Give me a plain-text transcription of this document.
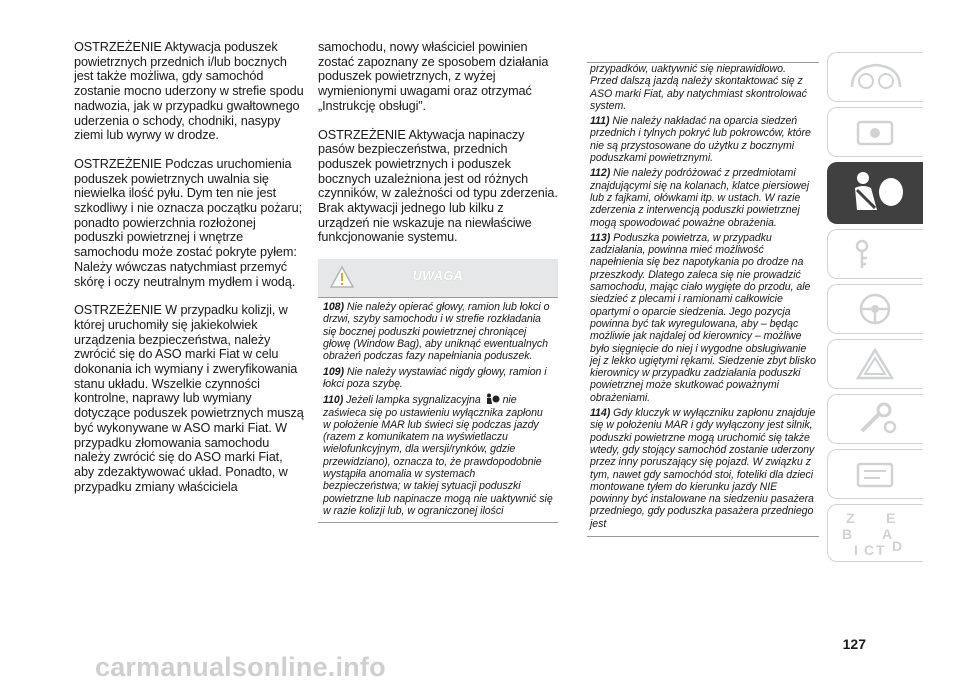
OSTRZEŻENIE Aktywacja poduszek powietrznych przednich i/lub bocznych jest także możliwa, gdy samochód zostanie mocno uderzony w strefie spodu nadwozia, jak w przypadku gwałtownego uderzenia o schody, chodniki, nasypy ziemi lub wyrwy w drodze.

OSTRZEŻENIE Podczas uruchomienia poduszek powietrznych uwalnia się niewielka ilość pyłu. Dym ten nie jest szkodliwy i nie oznacza początku pożaru; ponadto powierzchnia rozłożonej poduszki powietrznej i wnętrze samochodu może zostać pokryte pyłem: Należy wówczas natychmiast przemyć skórę i oczy neutralnym mydłem i wodą.

OSTRZEŻENIE W przypadku kolizji, w której uruchomiły się jakiekolwiek urządzenia bezpieczeństwa, należy zwrócić się do ASO marki Fiat w celu dokonania ich wymiany i zweryfikowania stanu układu. Wszelkie czynności kontrolne, naprawy lub wymiany dotyczące poduszek powietrznych muszą być wykonywane w ASO marki Fiat. W przypadku złomowania samochodu należy zwrócić się do ASO marki Fiat, aby zdezaktywować układ. Ponadto, w przypadku zmiany właściciela

samochodu, nowy właściciel powinien zostać zapoznany ze sposobem działania poduszek powietrznych, z wyżej wymienionymi uwagami oraz otrzymać „Instrukcję obsługi”.

OSTRZEŻENIE Aktywacja napinaczy pasów bezpieczeństwa, przednich poduszek powietrznych i poduszek bocznych uzależniona jest od różnych czynników, w zależności od typu zderzenia. Brak aktywacji jednego lub kilku z urządzeń nie wskazuje na niewłaściwe funkcjonowanie systemu.

UWAGA

108) Nie należy opierać głowy, ramion lub łokci o drzwi, szyby samochodu i w strefie rozkładania się bocznej poduszki powietrznej chroniącej głowę (Window Bag), aby uniknąć ewentualnych obrażeń podczas fazy napełniania poduszek.

109) Nie należy wystawiać nigdy głowy, ramion i łokci poza szybę.

110) Jeżeli lampka sygnalizacyjna nie zaświeca się po ustawieniu wyłącznika zapłonu w położenie MAR lub świeci się podczas jazdy (razem z komunikatem na wyświetlaczu wielofunkcyjnym, dla wersji/rynków, gdzie przewidziano), oznacza to, że prawdopodobnie wystąpiła anomalia w systemach bezpieczeństwa; w takiej sytuacji poduszki powietrzne lub napinacze mogą nie uaktywnić się w razie kolizji lub, w ograniczonej ilości

przypadków, uaktywnić się nieprawidłowo. Przed dalszą jazdą należy skontaktować się z ASO marki Fiat, aby natychmiast skontrolować system.

111) Nie należy nakładać na oparcia siedzeń przednich i tylnych pokryć lub pokrowców, które nie są przystosowane do użytku z bocznymi poduszkami powietrznymi.

112) Nie należy podróżować z przedmiotami znajdującymi się na kolanach, klatce piersiowej lub z fajkami, ołówkami itp. w ustach. W razie zderzenia z interwencją poduszki powietrznej mogą spowodować poważne obrażenia.

113) Poduszka powietrza, w przypadku zadziałania, powinna mieć możliwość napełnienia się bez napotykania po drodze na przeszkody. Dlatego zaleca się nie prowadzić samochodu, mając ciało wygięte do przodu, ale siedzieć z plecami i ramionami całkowicie opartymi o oparcie siedzenia. Jego pozycja powinna być tak wyregulowana, aby – będąc możliwie jak najdalej od kierownicy – możliwe było sięgnięcie do niej i wygodne obsługiwanie jej z lekko ugiętymi rękami. Siedzenie zbyt blisko kierownicy w przypadku zadziałania poduszki powietrznej może skutkować poważnymi obrażeniami.

114) Gdy kluczyk w wyłączniku zapłonu znajduje się w położeniu MAR i gdy wyłączony jest silnik, poduszki powietrzne mogą uruchomić się także wtedy, gdy stojący samochód zostanie uderzony przez inny poruszający się pojazd. W związku z tym, nawet gdy samochód stoi, foteliki dla dzieci montowane tyłem do kierunku jazdy NIE powinny być instalowane na siedzeniu pasażera przedniego, gdy poduszka pasażera przedniego jest	Z E
B A
I C T D
127
carmanualsonline.info
